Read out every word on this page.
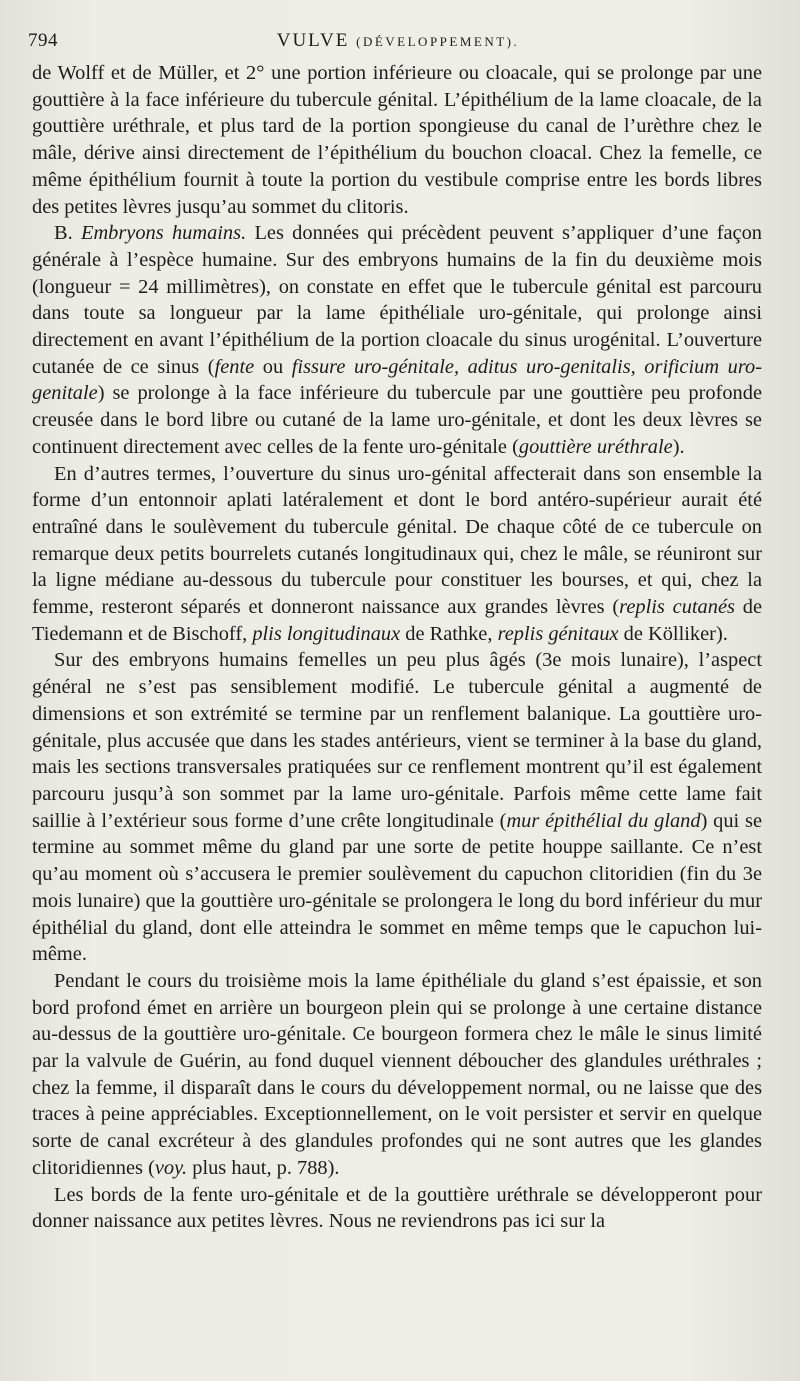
794	VULVE (DÉVELOPPEMENT).

de Wolff et de Müller, et 2° une portion inférieure ou cloacale, qui se prolonge par une gouttière à la face inférieure du tubercule génital. L’épithélium de la lame cloacale, de la gouttière uréthrale, et plus tard de la portion spongieuse du canal de l’urèthre chez le mâle, dérive ainsi directement de l’épithélium du bouchon cloacal. Chez la femelle, ce même épithélium fournit à toute la portion du vestibule comprise entre les bords libres des petites lèvres jusqu’au sommet du clitoris.

B. Embryons humains. Les données qui précèdent peuvent s’appliquer d’une façon générale à l’espèce humaine. Sur des embryons humains de la fin du deuxième mois (longueur = 24 millimètres), on constate en effet que le tubercule génital est parcouru dans toute sa longueur par la lame épithéliale uro-génitale, qui prolonge ainsi directement en avant l’épithélium de la portion cloacale du sinus urogénital. L’ouverture cutanée de ce sinus (fente ou fissure uro-génitale, aditus uro-genitalis, orificium uro-genitale) se prolonge à la face inférieure du tubercule par une gouttière peu profonde creusée dans le bord libre ou cutané de la lame uro-génitale, et dont les deux lèvres se continuent directement avec celles de la fente uro-génitale (gouttière uréthrale).

En d’autres termes, l’ouverture du sinus uro-génital affecterait dans son ensemble la forme d’un entonnoir aplati latéralement et dont le bord antéro-supérieur aurait été entraîné dans le soulèvement du tubercule génital. De chaque côté de ce tubercule on remarque deux petits bourrelets cutanés longitudinaux qui, chez le mâle, se réuniront sur la ligne médiane au-dessous du tubercule pour constituer les bourses, et qui, chez la femme, resteront séparés et donneront naissance aux grandes lèvres (replis cutanés de Tiedemann et de Bischoff, plis longitudinaux de Rathke, replis génitaux de Kölliker).

Sur des embryons humains femelles un peu plus âgés (3e mois lunaire), l’aspect général ne s’est pas sensiblement modifié. Le tubercule génital a augmenté de dimensions et son extrémité se termine par un renflement balanique. La gouttière uro-génitale, plus accusée que dans les stades antérieurs, vient se terminer à la base du gland, mais les sections transversales pratiquées sur ce renflement montrent qu’il est également parcouru jusqu’à son sommet par la lame uro-génitale. Parfois même cette lame fait saillie à l’extérieur sous forme d’une crête longitudinale (mur épithélial du gland) qui se termine au sommet même du gland par une sorte de petite houppe saillante. Ce n’est qu’au moment où s’accusera le premier soulèvement du capuchon clitoridien (fin du 3e mois lunaire) que la gouttière uro-génitale se prolongera le long du bord inférieur du mur épithélial du gland, dont elle atteindra le sommet en même temps que le capuchon lui-même.

Pendant le cours du troisième mois la lame épithéliale du gland s’est épaissie, et son bord profond émet en arrière un bourgeon plein qui se prolonge à une certaine distance au-dessus de la gouttière uro-génitale. Ce bourgeon formera chez le mâle le sinus limité par la valvule de Guérin, au fond duquel viennent déboucher des glandules uréthrales ; chez la femme, il disparaît dans le cours du développement normal, ou ne laisse que des traces à peine appréciables. Exceptionnellement, on le voit persister et servir en quelque sorte de canal excréteur à des glandules profondes qui ne sont autres que les glandes clitoridiennes (voy. plus haut, p. 788).

Les bords de la fente uro-génitale et de la gouttière uréthrale se développeront pour donner naissance aux petites lèvres. Nous ne reviendrons pas ici sur la
